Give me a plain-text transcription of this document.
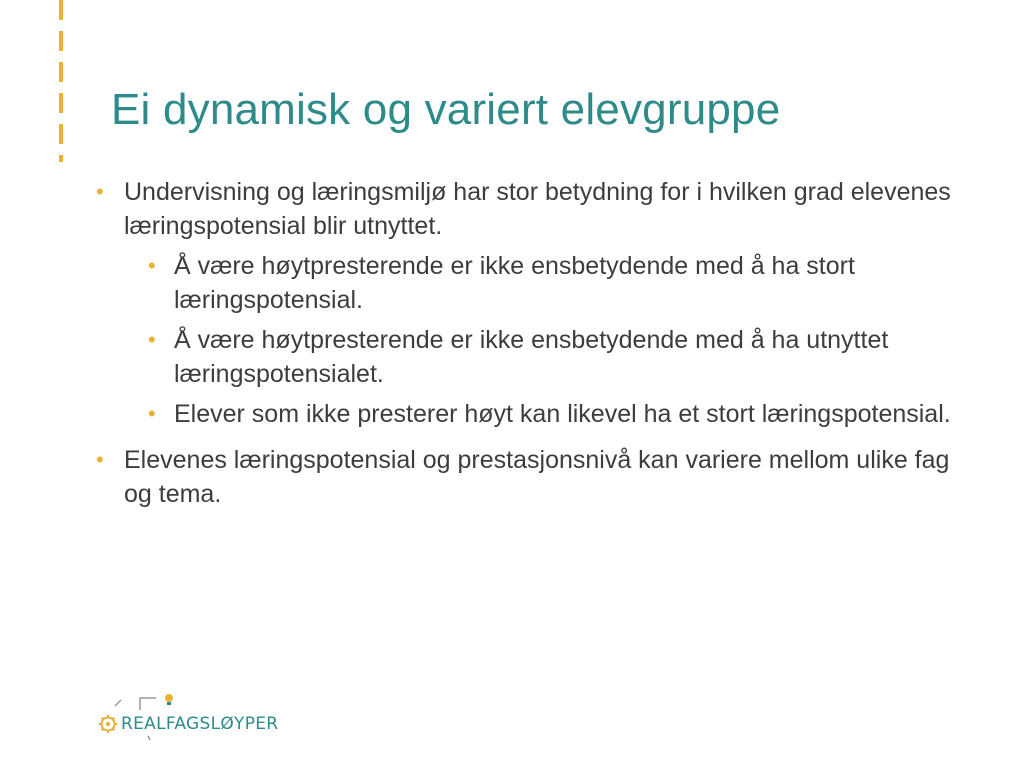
Ei dynamisk og variert elevgruppe
• Undervisning og læringsmiljø har stor betydning for i hvilken grad elevenes læringspotensial blir utnyttet.
• Å være høytpresterende er ikke ensbetydende med å ha stort læringspotensial.
• Å være høytpresterende er ikke ensbetydende med å ha utnyttet læringspotensialet.
• Elever som ikke presterer høyt kan likevel ha et stort læringspotensial.
• Elevenes læringspotensial og prestasjonsnivå kan variere mellom ulike fag og tema.
REALFAGSLØYPER
